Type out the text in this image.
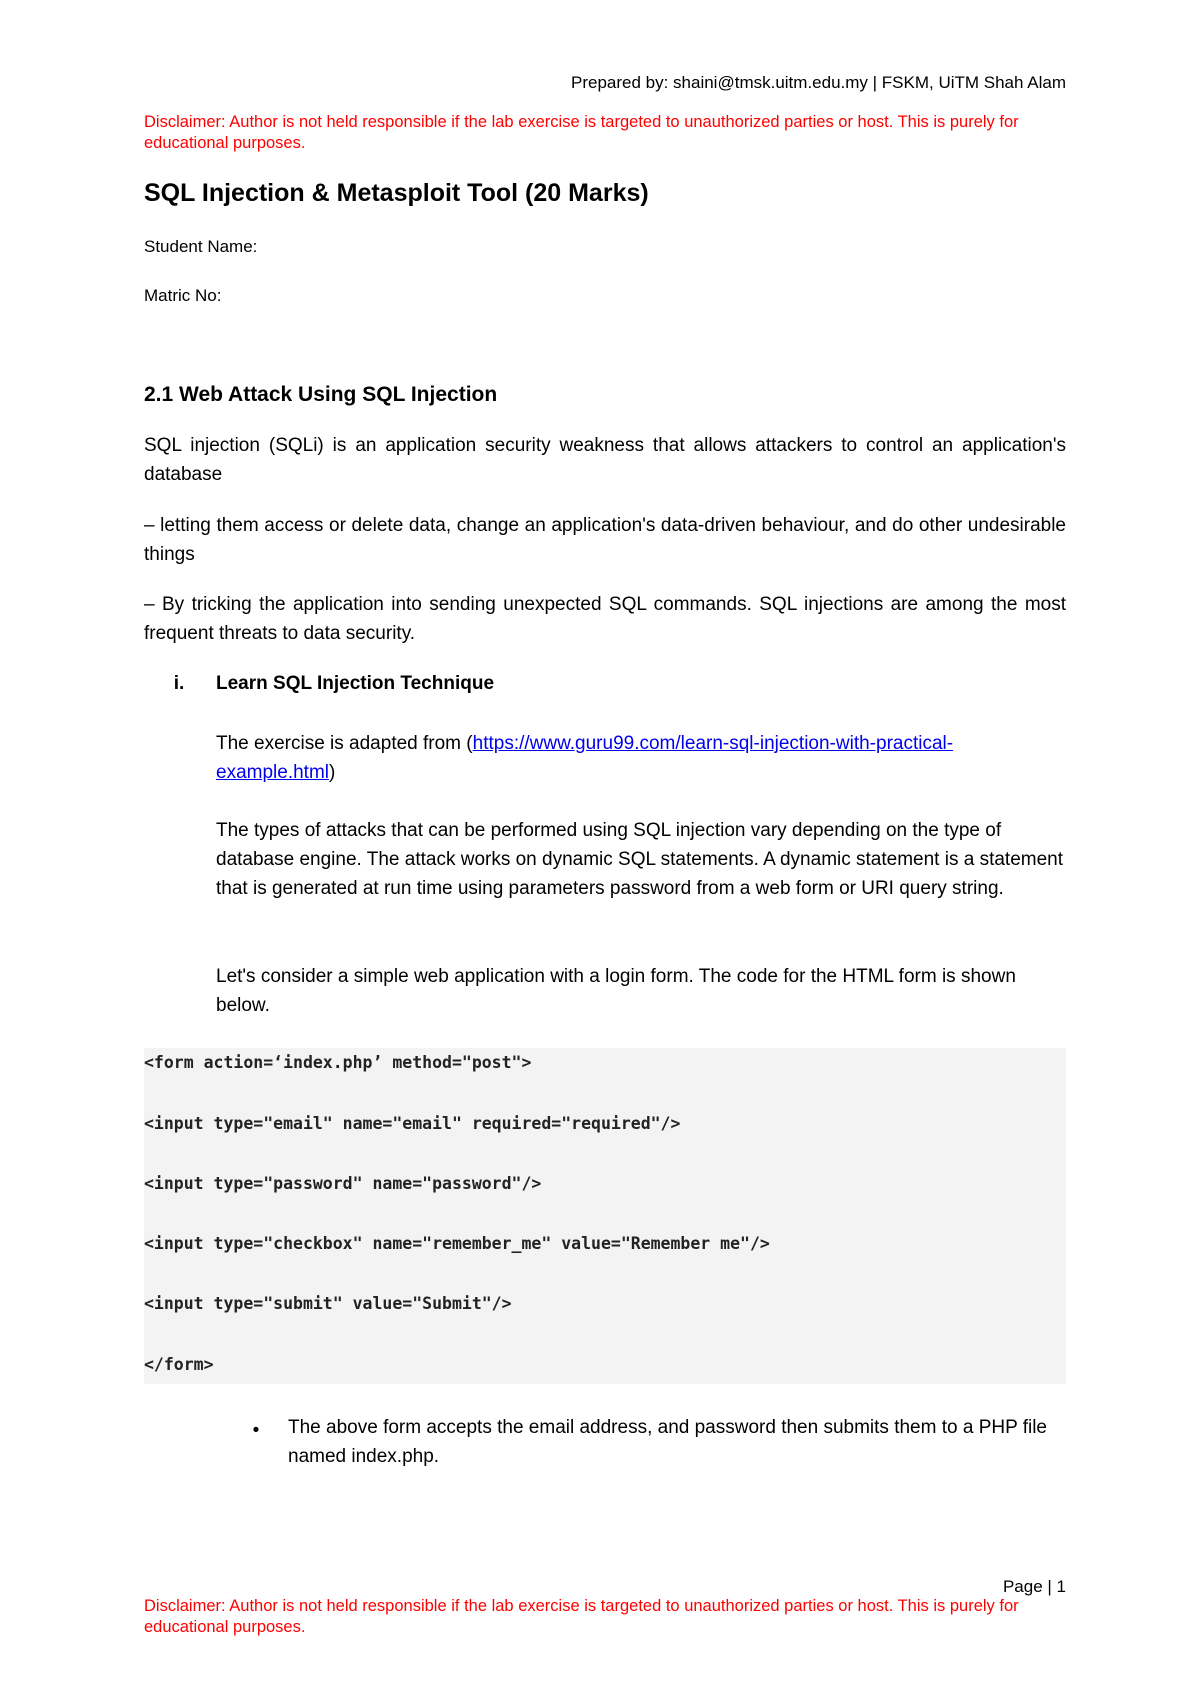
Prepared by: shaini@tmsk.uitm.edu.my | FSKM, UiTM Shah Alam
Disclaimer: Author is not held responsible if the lab exercise is targeted to unauthorized parties or host. This is purely for educational purposes.
SQL Injection & Metasploit Tool (20 Marks)
Student Name:
Matric No:
2.1 Web Attack Using SQL Injection

SQL injection (SQLi) is an application security weakness that allows attackers to control an application's database

– letting them access or delete data, change an application's data-driven behaviour, and do other undesirable things

– By tricking the application into sending unexpected SQL commands. SQL injections are among the most frequent threats to data security.

i.	Learn SQL Injection Technique

The exercise is adapted from (https://www.guru99.com/learn-sql-injection-with-practical-example.html)

The types of attacks that can be performed using SQL injection vary depending on the type of database engine. The attack works on dynamic SQL statements. A dynamic statement is a statement that is generated at run time using parameters password from a web form or URI query string.

Let's consider a simple web application with a login form. The code for the HTML form is shown below.

<form action=‘index.php’ method="post">
<input type="email" name="email" required="required"/>
<input type="password" name="password"/>
<input type="checkbox" name="remember_me" value="Remember me"/>
<input type="submit" value="Submit"/>
</form>
•	The above form accepts the email address, and password then submits them to a PHP file named index.php.

Page | 1
Disclaimer: Author is not held responsible if the lab exercise is targeted to unauthorized parties or host. This is purely for educational purposes.
